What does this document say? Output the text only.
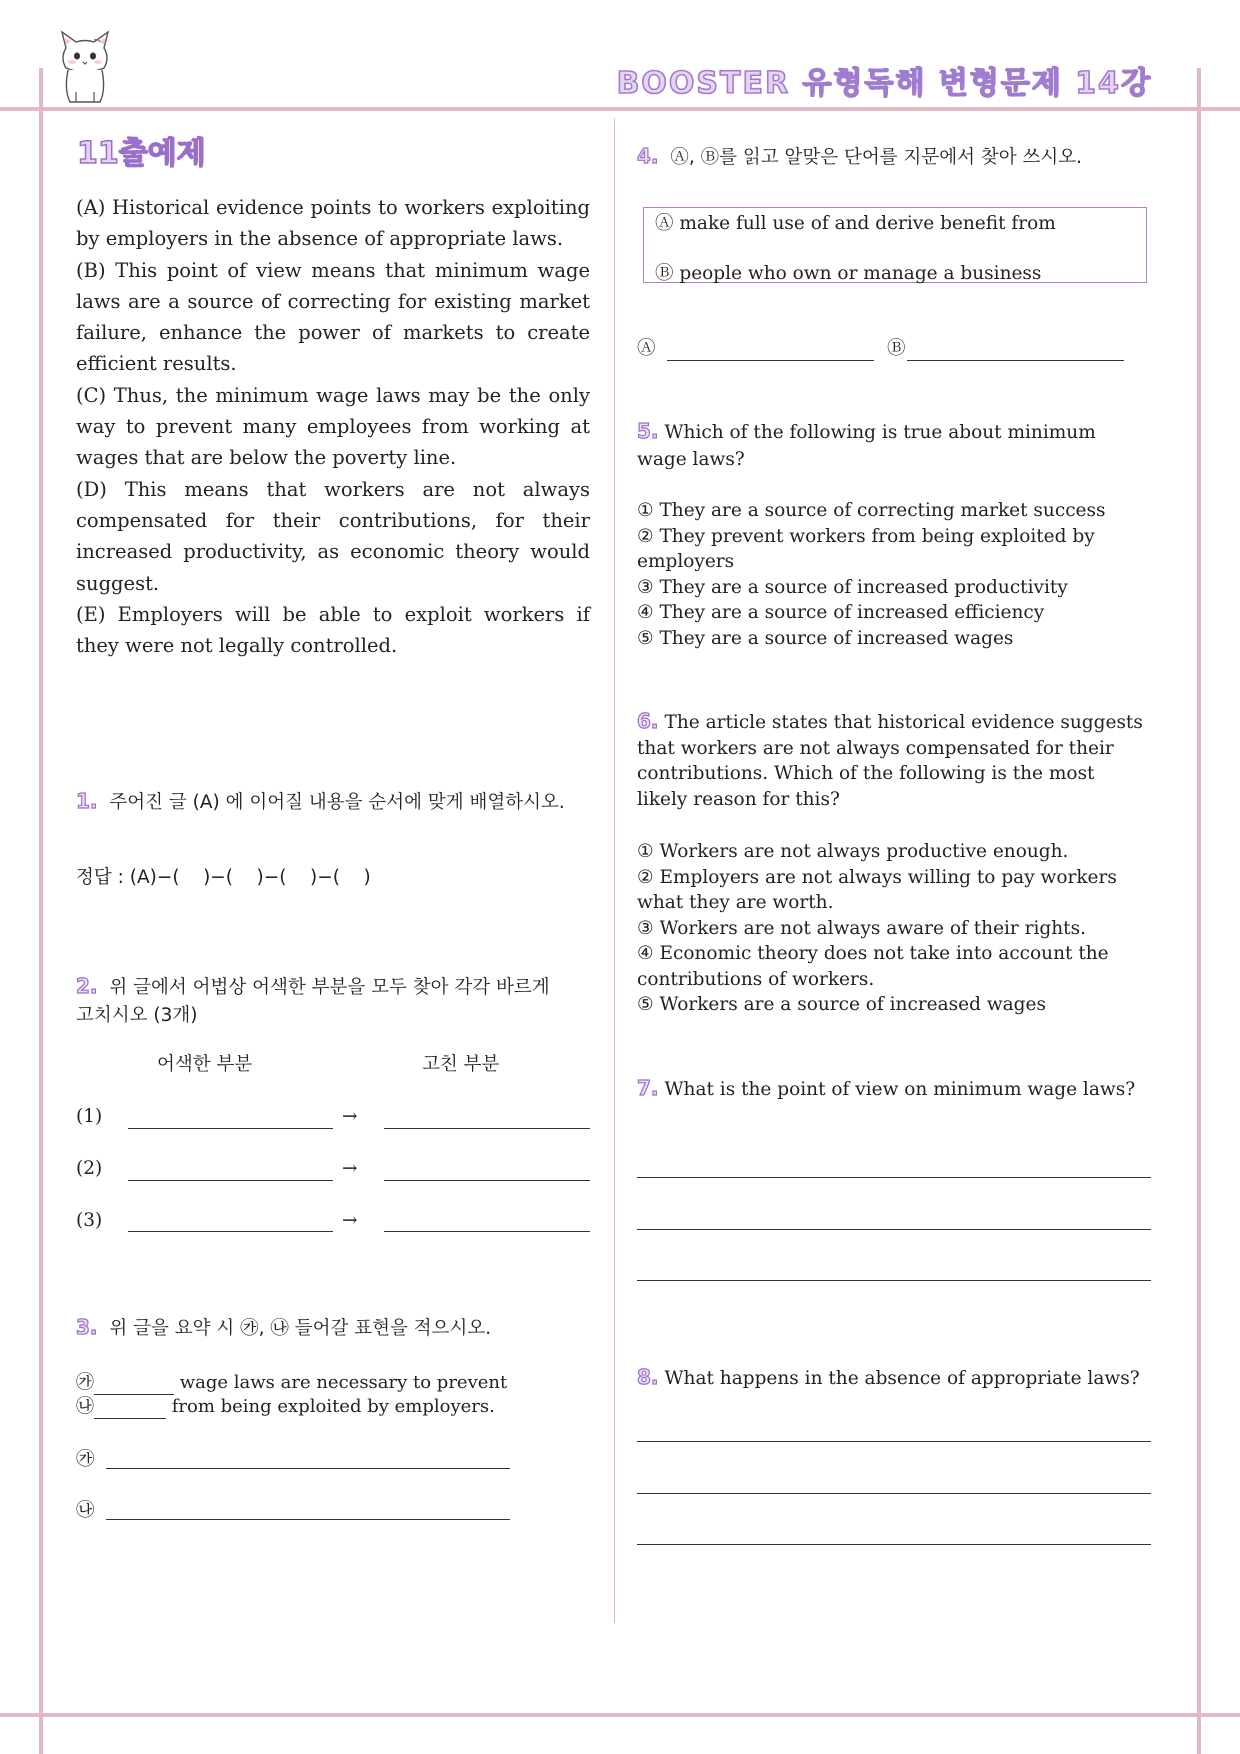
BOOSTER 유형독해 변형문제 14강
11출예제

(A) Historical evidence points to workers exploiting by employers in the absence of appropriate laws.

(B) This point of view means that minimum wage laws are a source of correcting for existing market failure, enhance the power of markets to create efficient results.

(C) Thus, the minimum wage laws may be the only way to prevent many employees from working at wages that are below the poverty line.

(D) This means that workers are not always compensated for their contributions, for their increased productivity, as economic theory would suggest.

(E) Employers will be able to exploit workers if they were not legally controlled.

1. 주어진 글 (A) 에 이어질 내용을 순서에 맞게 배열하시오.
정답 : (A)−(    )−(    )−(    )−(    )
2. 위 글에서 어법상 어색한 부분을 모두 찾아 각각 바르게 고치시오 (3개)
어색한 부분	고친 부분
(1)	→
(2)	→
(3)	→
3. 위 글을 요약 시 ㉮, ㉯ 들어갈 표현을 적으시오.
㉮	wage laws are necessary to prevent
㉯	from being exploited by employers.
㉮
㉯
4. Ⓐ, Ⓑ를 읽고 알맞은 단어를 지문에서 찾아 쓰시오.
Ⓐ make full use of and derive benefit from
Ⓑ people who own or manage a business
Ⓐ	Ⓑ
5. Which of the following is true about minimum wage laws?
① They are a source of correcting market success
② They prevent workers from being exploited by employers
③ They are a source of increased productivity
④ They are a source of increased efficiency
⑤ They are a source of increased wages
6. The article states that historical evidence suggests that workers are not always compensated for their contributions. Which of the following is the most likely reason for this?
① Workers are not always productive enough.
② Employers are not always willing to pay workers what they are worth.
③ Workers are not always aware of their rights.
④ Economic theory does not take into account the contributions of workers.
⑤ Workers are a source of increased wages
7. What is the point of view on minimum wage laws?
8. What happens in the absence of appropriate laws?
